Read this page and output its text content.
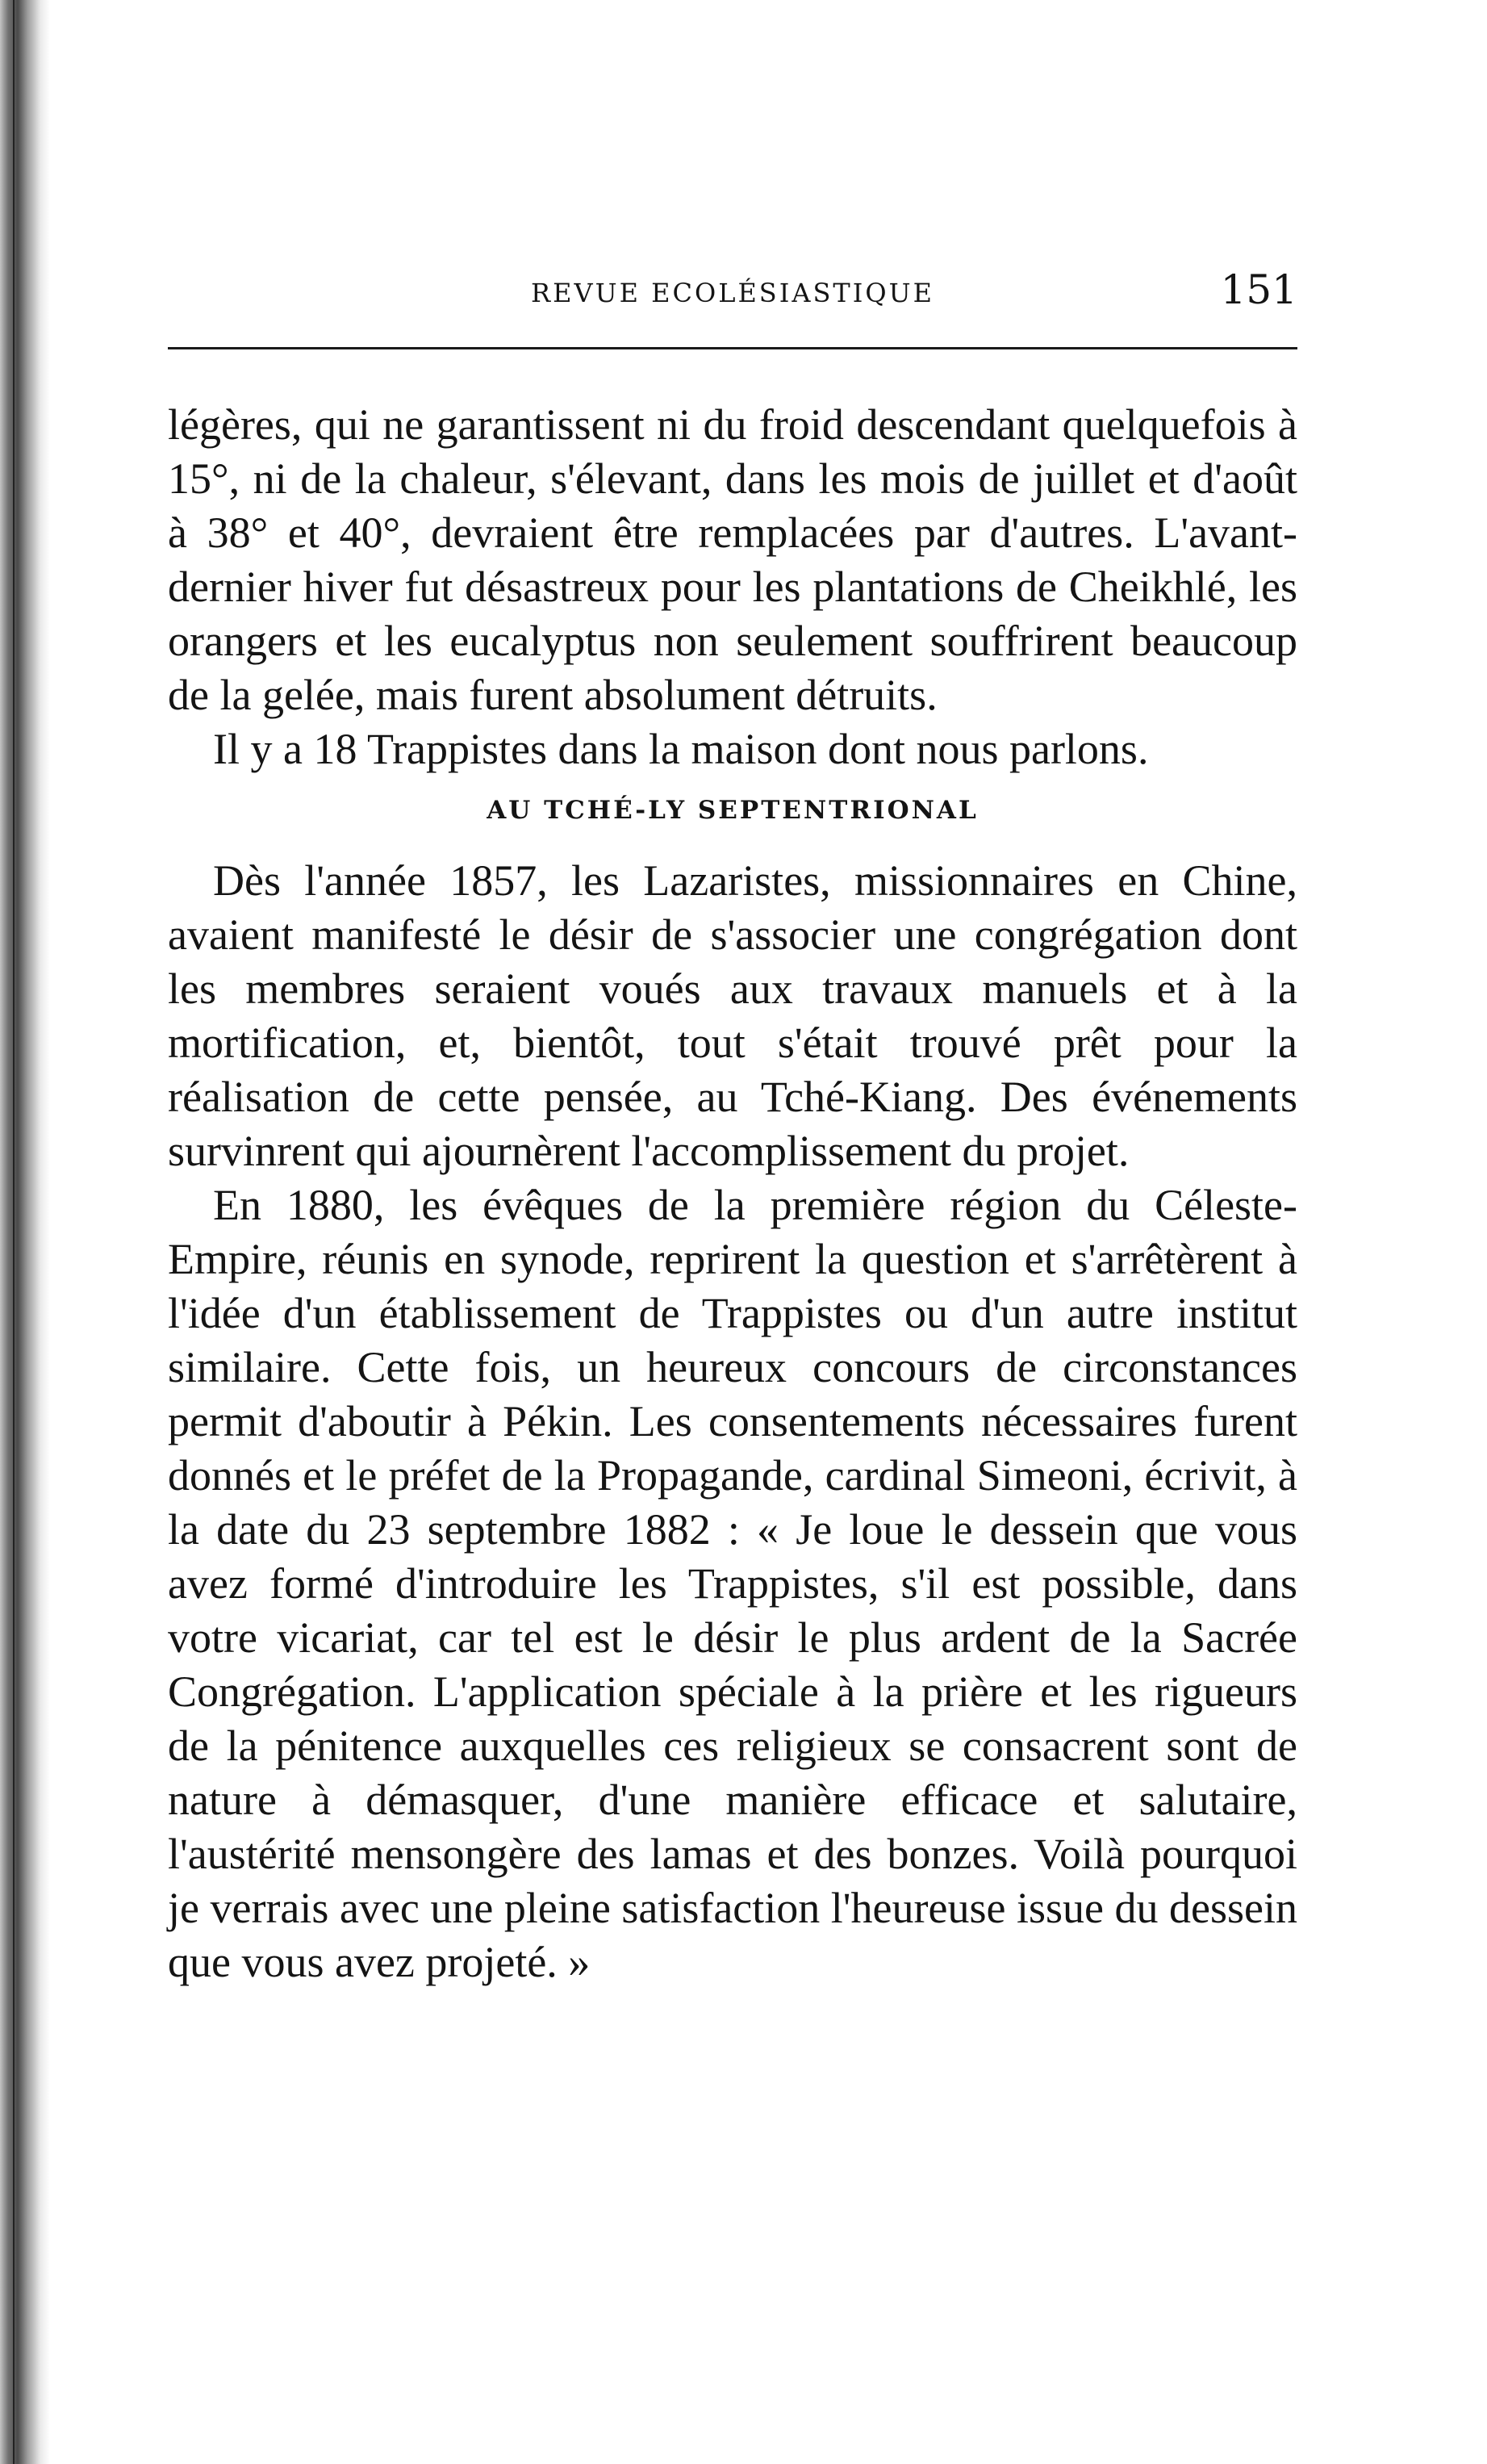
REVUE ECOLÉSIASTIQUE	151

légères, qui ne garantissent ni du froid descendant quelquefois à 15°, ni de la chaleur, s'élevant, dans les mois de juillet et d'août à 38° et 40°, devraient être remplacées par d'autres. L'avant-dernier hiver fut désastreux pour les plantations de Cheikhlé, les orangers et les eucalyptus non seulement souffrirent beaucoup de la gelée, mais furent absolument détruits.

Il y a 18 Trappistes dans la maison dont nous parlons.

AU TCHÉ-LY SEPTENTRIONAL

Dès l'année 1857, les Lazaristes, missionnaires en Chine, avaient manifesté le désir de s'associer une congrégation dont les membres seraient voués aux travaux manuels et à la mortification, et, bientôt, tout s'était trouvé prêt pour la réalisation de cette pensée, au Tché-Kiang. Des événements survinrent qui ajournèrent l'accomplissement du projet.

En 1880, les évêques de la première région du Céleste-Empire, réunis en synode, reprirent la question et s'arrêtèrent à l'idée d'un établissement de Trappistes ou d'un autre institut similaire. Cette fois, un heureux concours de circonstances permit d'aboutir à Pékin. Les consentements nécessaires furent donnés et le préfet de la Propagande, cardinal Simeoni, écrivit, à la date du 23 septembre 1882 : « Je loue le dessein que vous avez formé d'introduire les Trappistes, s'il est possible, dans votre vicariat, car tel est le désir le plus ardent de la Sacrée Congrégation. L'application spéciale à la prière et les rigueurs de la pénitence auxquelles ces religieux se consacrent sont de nature à démasquer, d'une manière efficace et salutaire, l'austérité mensongère des lamas et des bonzes. Voilà pourquoi je verrais avec une pleine satisfaction l'heureuse issue du dessein que vous avez projeté. »
